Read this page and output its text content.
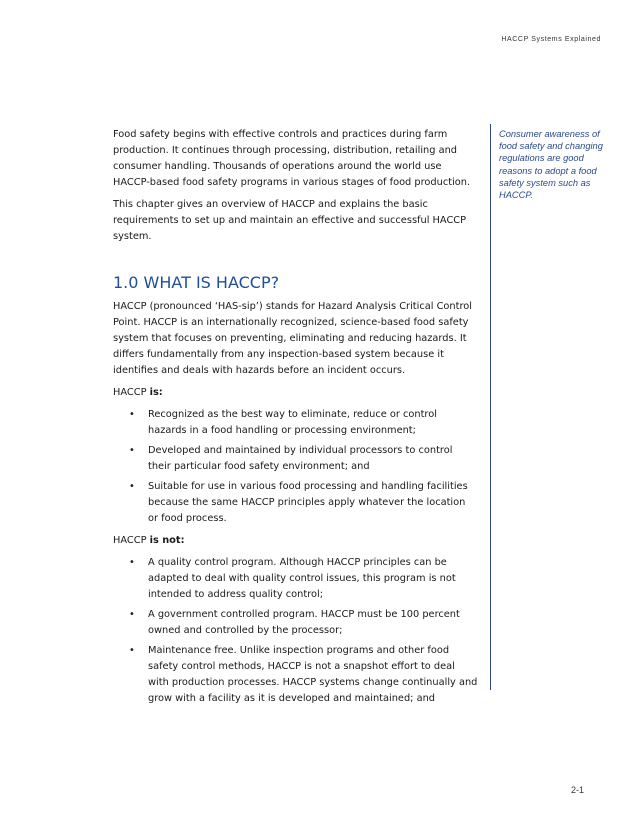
HACCP Systems Explained
Consumer awareness of food safety and changing regulations are good reasons to adopt a food safety system such as HACCP.

Food safety begins with effective controls and practices during farm production. It continues through processing, distribution, retailing and consumer handling. Thousands of operations around the world use HACCP-based food safety programs in various stages of food production.

This chapter gives an overview of HACCP and explains the basic requirements to set up and maintain an effective and successful HACCP system.

1.0 WHAT IS HACCP?

HACCP (pronounced ‘HAS-sip’) stands for Hazard Analysis Critical Control Point. HACCP is an internationally recognized, science-based food safety system that focuses on preventing, eliminating and reducing hazards. It differs fundamentally from any inspection-based system because it identifies and deals with hazards before an incident occurs.

HACCP is:

• Recognized as the best way to eliminate, reduce or control hazards in a food handling or processing environment;
• Developed and maintained by individual processors to control their particular food safety environment; and
• Suitable for use in various food processing and handling facilities because the same HACCP principles apply whatever the location or food process.

HACCP is not:

• A quality control program. Although HACCP principles can be adapted to deal with quality control issues, this program is not intended to address quality control;
• A government controlled program. HACCP must be 100 percent owned and controlled by the processor;
• Maintenance free. Unlike inspection programs and other food safety control methods, HACCP is not a snapshot effort to deal with production processes. HACCP systems change continually and grow with a facility as it is developed and maintained; and
2-1
